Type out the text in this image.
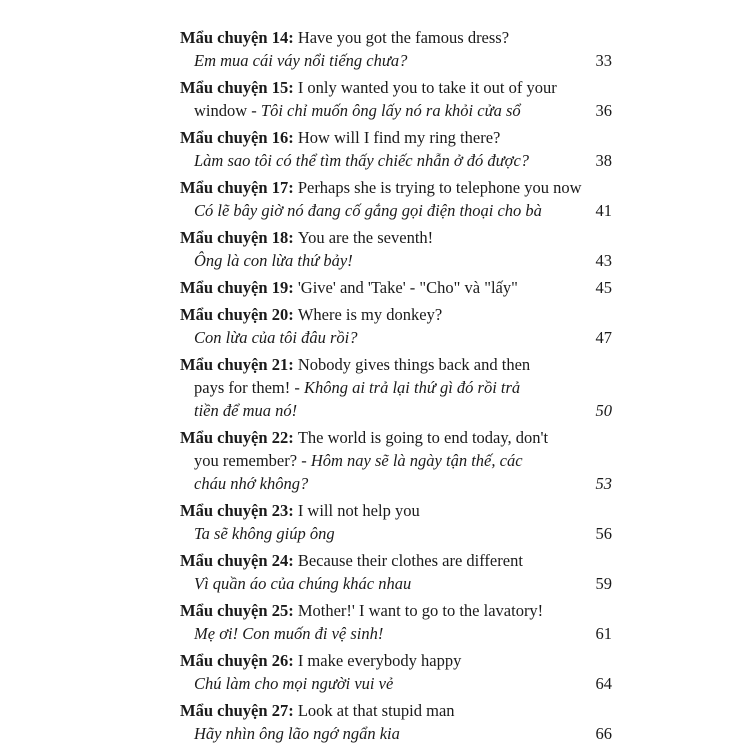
Mẩu chuyện 14: Have you got the famous dress?
Em mua cái váy nổi tiếng chưa?	33
Mẩu chuyện 15: I only wanted you to take it out of your
window - Tôi chỉ muốn ông lấy nó ra khỏi cửa sổ	36
Mẩu chuyện 16: How will I find my ring there?
Làm sao tôi có thể tìm thấy chiếc nhẫn ở đó được?	38
Mẩu chuyện 17: Perhaps she is trying to telephone you now
Có lẽ bây giờ nó đang cố gắng gọi điện thoại cho bà	41
Mẩu chuyện 18: You are the seventh!
Ông là con lừa thứ bảy!	43
Mẩu chuyện 19: 'Give' and 'Take' - "Cho" và "lấy"	45
Mẩu chuyện 20: Where is my donkey?
Con lừa của tôi đâu rồi?	47
Mẩu chuyện 21: Nobody gives things back and then
pays for them! - Không ai trả lại thứ gì đó rồi trả
tiền để mua nó!	50
Mẩu chuyện 22: The world is going to end today, don't
you remember? - Hôm nay sẽ là ngày tận thế, các
cháu nhớ không?	53
Mẩu chuyện 23: I will not help you
Ta sẽ không giúp ông	56
Mẩu chuyện 24: Because their clothes are different
Vì quần áo của chúng khác nhau	59
Mẩu chuyện 25: Mother!' I want to go to the lavatory!
Mẹ ơi! Con muốn đi vệ sinh!	61
Mẩu chuyện 26: I make everybody happy
Chú làm cho mọi người vui vẻ	64
Mẩu chuyện 27: Look at that stupid man
Hãy nhìn ông lão ngớ ngẩn kia	66
